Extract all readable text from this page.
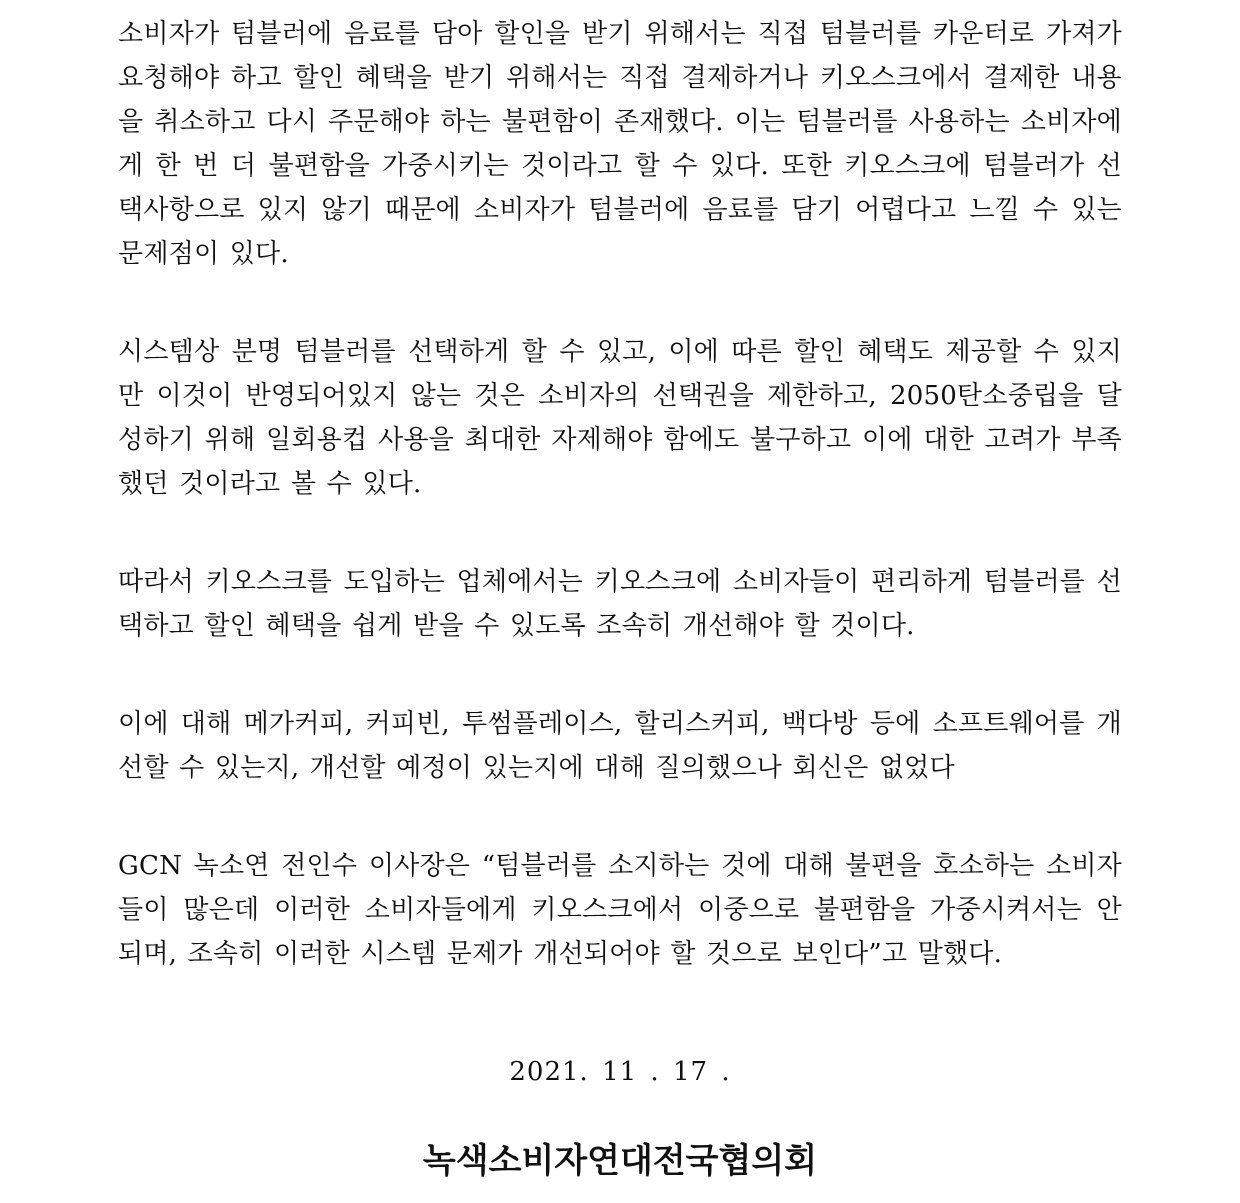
소비자가 텀블러에 음료를 담아 할인을 받기 위해서는 직접 텀블러를 카운터로 가져가 요청해야 하고 할인 혜택을 받기 위해서는 직접 결제하거나 키오스크에서 결제한 내용을 취소하고 다시 주문해야 하는 불편함이 존재했다. 이는 텀블러를 사용하는 소비자에게 한 번 더 불편함을 가중시키는 것이라고 할 수 있다. 또한 키오스크에 텀블러가 선택사항으로 있지 않기 때문에 소비자가 텀블러에 음료를 담기 어렵다고 느낄 수 있는 문제점이 있다.

시스템상 분명 텀블러를 선택하게 할 수 있고, 이에 따른 할인 혜택도 제공할 수 있지만 이것이 반영되어있지 않는 것은 소비자의 선택권을 제한하고, 2050탄소중립을 달성하기 위해 일회용컵 사용을 최대한 자제해야 함에도 불구하고 이에 대한 고려가 부족했던 것이라고 볼 수 있다.

따라서 키오스크를 도입하는 업체에서는 키오스크에 소비자들이 편리하게 텀블러를 선택하고 할인 혜택을 쉽게 받을 수 있도록 조속히 개선해야 할 것이다.

이에 대해 메가커피, 커피빈, 투썸플레이스, 할리스커피, 백다방 등에 소프트웨어를 개선할 수 있는지, 개선할 예정이 있는지에 대해 질의했으나 회신은 없었다

GCN 녹소연 전인수 이사장은 “텀블러를 소지하는 것에 대해 불편을 호소하는 소비자들이 많은데 이러한 소비자들에게 키오스크에서 이중으로 불편함을 가중시켜서는 안 되며, 조속히 이러한 시스템 문제가 개선되어야 할 것으로 보인다”고 말했다.

2021. 11 . 17 .
녹색소비자연대전국협의회
